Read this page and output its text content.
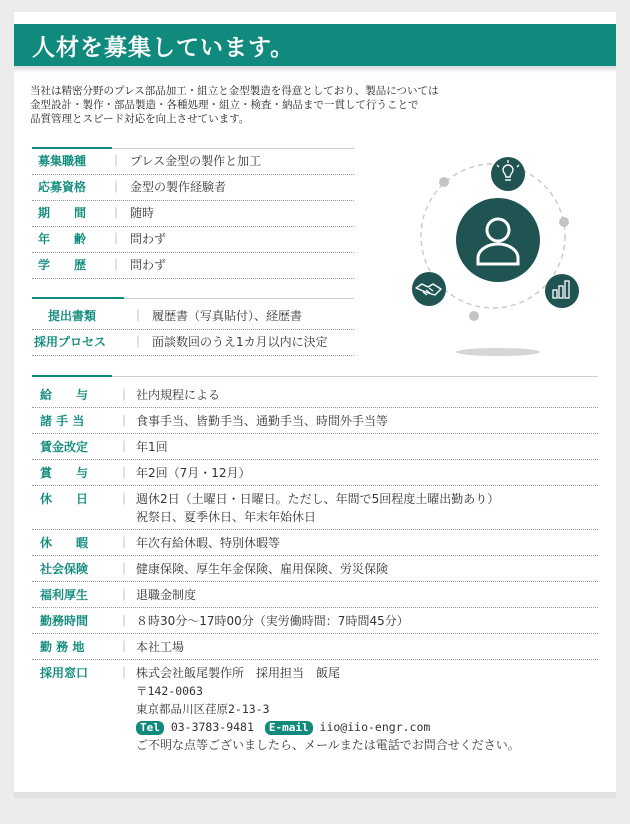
人材を募集しています。
当社は精密分野のプレス部品加工・組立と金型製造を得意としており、製品については
金型設計・製作・部品製造・各種処理・組立・検査・納品まで一貫して行うことで
品質管理とスピード対応を向上させています。
募集職種 ｜ プレス金型の製作と加工
応募資格 ｜ 金型の製作経験者
期　　間 ｜ 随時
年　　齢 ｜ 問わず
学　　歴 ｜ 問わず
提出書類	｜ 履歴書（写真貼付）、経歴書
採用プロセス ｜ 面談数回のうえ1カ月以内に決定
給　　与 ｜ 社内規程による
諸 手 当	｜ 食事手当、皆勤手当、通勤手当、時間外手当等
賃金改定 ｜ 年1回
賞　　与 ｜ 年2回（7月・12月）
休　　日 ｜ 週休2日（土曜日・日曜日。ただし、年間で5回程度土曜出勤あり）
祝祭日、夏季休日、年末年始休日
休　　暇 ｜ 年次有給休暇、特別休暇等
社会保険 ｜ 健康保険、厚生年金保険、雇用保険、労災保険
福利厚生 ｜ 退職金制度
勤務時間 ｜ ８時30分～17時00分（実労働時間：7時間45分）
勤 務 地	｜ 本社工場
採用窓口 ｜ 株式会社飯尾製作所　採用担当　飯尾
〒142-0063
東京都品川区荏原2-13-3
Tel 03-3783-9481 E-mail iio@iio-engr.com
ご不明な点等ございましたら、メールまたは電話でお問合せください。
